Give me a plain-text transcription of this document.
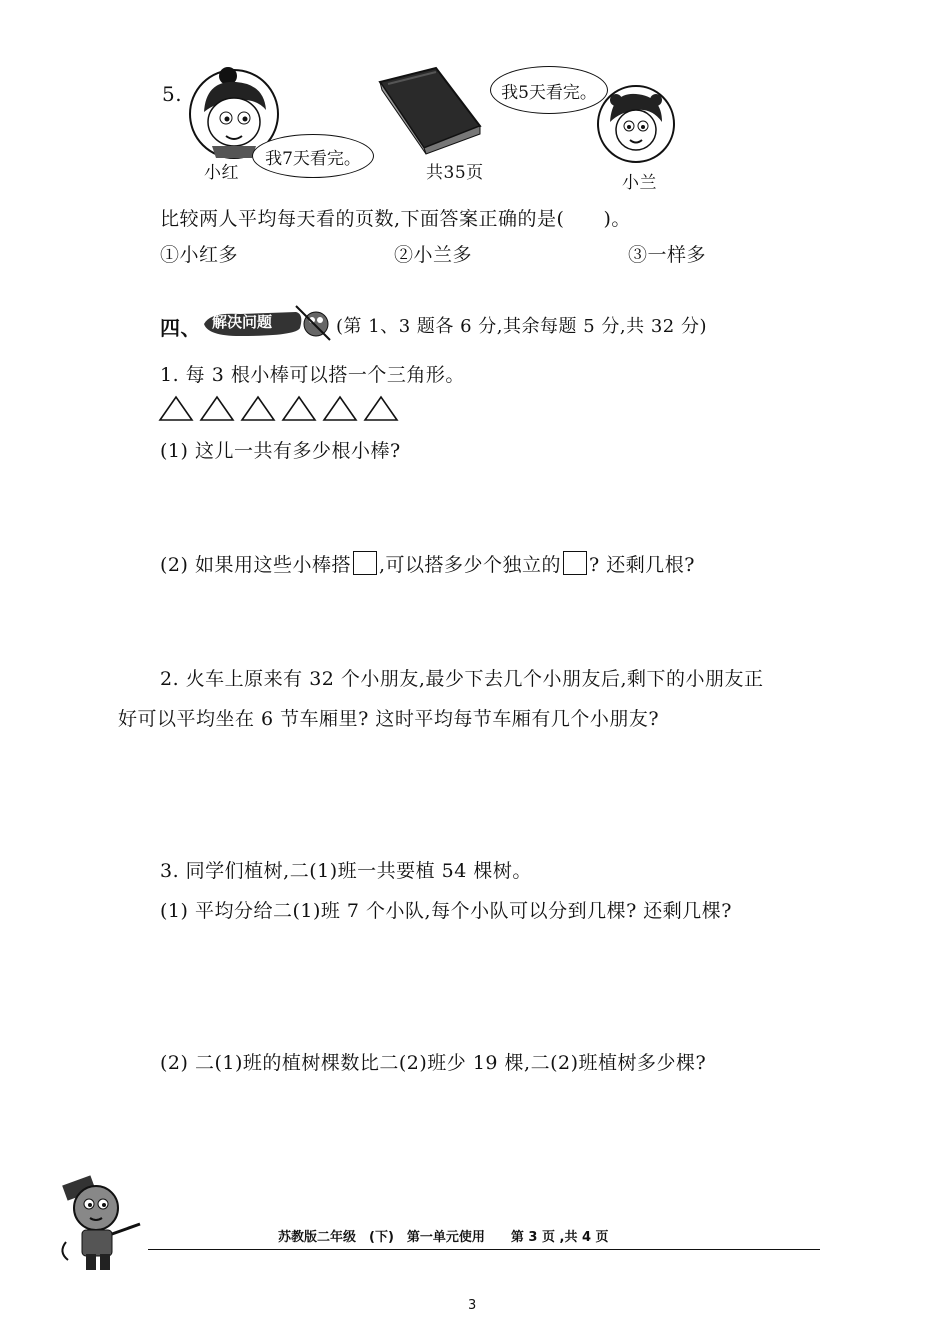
5.
我7天看完。
小红	共35页
我5天看完。
小兰
比较两人平均每天看的页数,下面答案正确的是(　　)。
①小红多	②小兰多	③一样多
四、 解决问题	(第 1、3 题各 6 分,其余每题 5 分,共 32 分)
1. 每 3 根小棒可以搭一个三角形。
(1) 这儿一共有多少根小棒?
(2) 如果用这些小棒搭 ,可以搭多少个独立的 ? 还剩几根?
2. 火车上原来有 32 个小朋友,最少下去几个小朋友后,剩下的小朋友正
好可以平均坐在 6 节车厢里? 这时平均每节车厢有几个小朋友?
3. 同学们植树,二(1)班一共要植 54 棵树。
(1) 平均分给二(1)班 7 个小队,每个小队可以分到几棵? 还剩几棵?
(2) 二(1)班的植树棵数比二(2)班少 19 棵,二(2)班植树多少棵?
苏教版二年级　(下)　第一单元使用　　第 3 页 ,共 4 页
3
